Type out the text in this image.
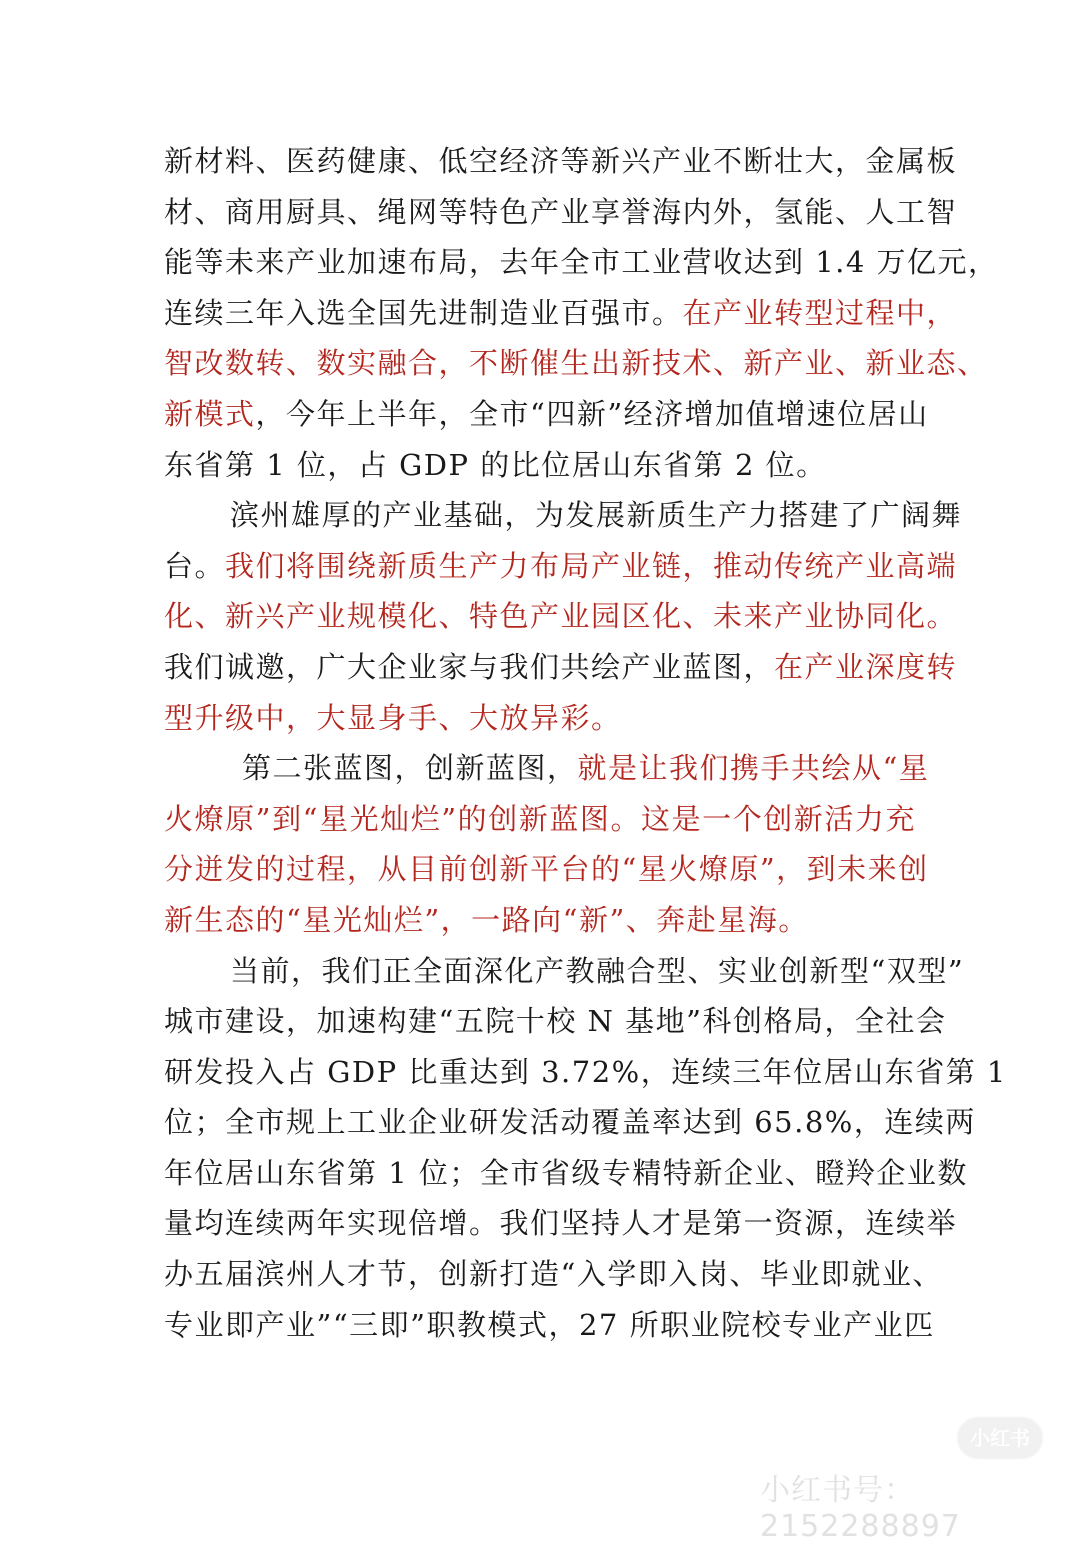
新材料、医药健康、低空经济等新兴产业不断壮大，金属板
材、商用厨具、绳网等特色产业享誉海内外，氢能、人工智
能等未来产业加速布局，去年全市工业营收达到 1.4 万亿元，
连续三年入选全国先进制造业百强市。在产业转型过程中，
智改数转、数实融合，不断催生出新技术、新产业、新业态、
新模式，今年上半年，全市“四新”经济增加值增速位居山
东省第 1 位，占 GDP 的比位居山东省第 2 位。
滨州雄厚的产业基础，为发展新质生产力搭建了广阔舞
台。我们将围绕新质生产力布局产业链，推动传统产业高端
化、新兴产业规模化、特色产业园区化、未来产业协同化。
我们诚邀，广大企业家与我们共绘产业蓝图，在产业深度转
型升级中，大显身手、大放异彩。
第二张蓝图，创新蓝图，就是让我们携手共绘从“星
火燎原”到“星光灿烂”的创新蓝图。这是一个创新活力充
分迸发的过程，从目前创新平台的“星火燎原”，到未来创
新生态的“星光灿烂”，一路向“新”、奔赴星海。
当前，我们正全面深化产教融合型、实业创新型“双型”
城市建设，加速构建“五院十校 N 基地”科创格局，全社会
研发投入占 GDP 比重达到 3.72%，连续三年位居山东省第 1
位；全市规上工业企业研发活动覆盖率达到 65.8%，连续两
年位居山东省第 1 位；全市省级专精特新企业、瞪羚企业数
量均连续两年实现倍增。我们坚持人才是第一资源，连续举
办五届滨州人才节，创新打造“入学即入岗、毕业即就业、
专业即产业”“三即”职教模式，27 所职业院校专业产业匹
小红书
小红书号：2152288897
